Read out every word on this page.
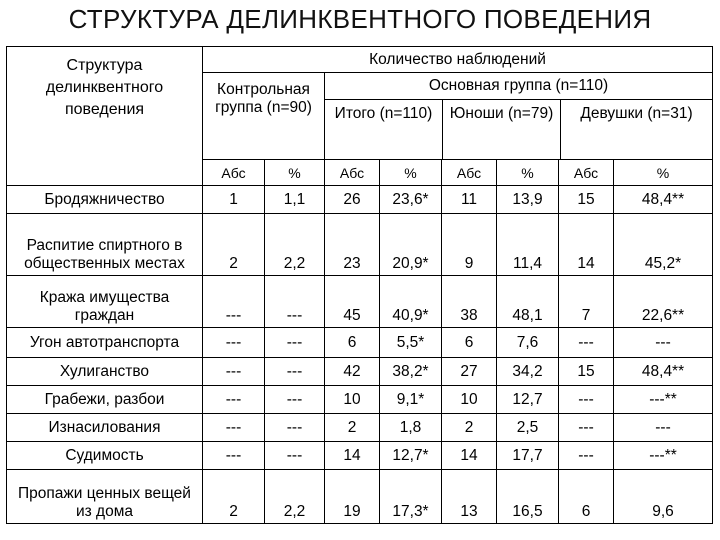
СТРУКТУРА ДЕЛИНКВЕНТНОГО ПОВЕДЕНИЯ
Структура делинквентного поведения	Количество наблюдений							
	Контрольная группа (n=90)		Основная группа (n=110)
Итого (n=110) Юноши (n=79) Девушки (n=31)					

	Абс	%	Абс	%	Абс	%	Абс	%
Бродяжничество	1	1,1	26	23,6*	11	13,9	15	48,4**
Распитие спиртного в общественных местах	2	2,2	23	20,9*	9	11,4	14	45,2*
Кража имущества граждан	---	---	45	40,9*	38	48,1	7	22,6**
Угон автотранспорта	---	---	6	5,5*	6	7,6	---	---
Хулиганство	---	---	42	38,2*	27	34,2	15	48,4**
Грабежи, разбои	---	---	10	9,1*	10	12,7	---	---**
Изнасилования	---	---	2	1,8	2	2,5	---	---
Судимость	---	---	14	12,7*	14	17,7	---	---**
Пропажи ценных вещей из дома	2	2,2	19	17,3*	13	16,5	6	9,6
